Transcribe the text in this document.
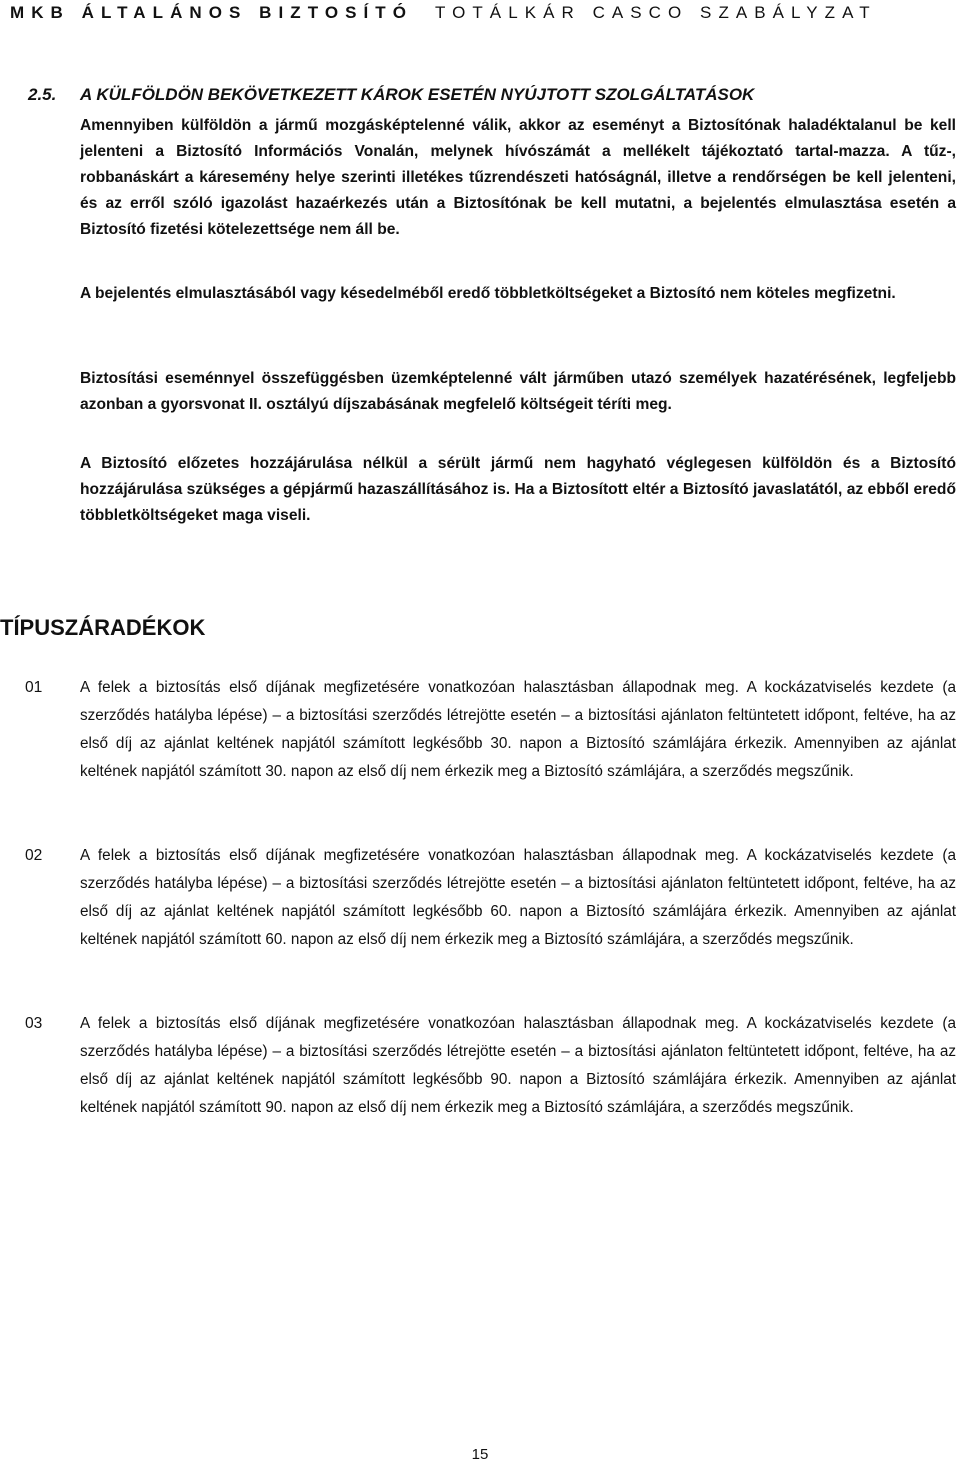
MKB ÁLTALÁNOS BIZTOSÍTÓ TOTÁLKÁR CASCO SZABÁLYZAT
2.5. A KÜLFÖLDÖN BEKÖVETKEZETT KÁROK ESETÉN NYÚJTOTT SZOLGÁLTATÁSOK
Amennyiben külföldön a jármű mozgásképtelenné válik, akkor az eseményt a Biztosítónak haladéktalanul be kell jelenteni a Biztosító Információs Vonalán, melynek hívószámát a mellékelt tájékoztató tartal-mazza. A tűz-, robbanáskárt a káresemény helye szerinti illetékes tűzrendészeti hatóságnál, illetve a rendőrségen be kell jelenteni, és az erről szóló igazolást hazaérkezés után a Biztosítónak be kell mutatni, a bejelentés elmulasztása esetén a Biztosító fizetési kötelezettsége nem áll be.
A bejelentés elmulasztásából vagy késedelméből eredő többletköltségeket a Biztosító nem köteles megfizetni.
Biztosítási eseménnyel összefüggésben üzemképtelenné vált járműben utazó személyek hazatérésének, legfeljebb azonban a gyorsvonat II. osztályú díjszabásának megfelelő költségeit téríti meg.
A Biztosító előzetes hozzájárulása nélkül a sérült jármű nem hagyható véglegesen külföldön és a Biztosító hozzájárulása szükséges a gépjármű hazaszállításához is. Ha a Biztosított eltér a Biztosító javaslatától, az ebből eredő többletköltségeket maga viseli.
TÍPUSZÁRADÉKOK
01 A felek a biztosítás első díjának megfizetésére vonatkozóan halasztásban állapodnak meg. A kockázatviselés kezdete (a szerződés hatályba lépése) – a biztosítási szerződés létrejötte esetén – a biztosítási ajánlaton feltüntetett időpont, feltéve, ha az első díj az ajánlat keltének napjától számított legkésőbb 30. napon a Biztosító számlájára érkezik. Amennyiben az ajánlat keltének napjától számított 30. napon az első díj nem érkezik meg a Biztosító számlájára, a szerződés megszűnik.
02 A felek a biztosítás első díjának megfizetésére vonatkozóan halasztásban állapodnak meg. A kockázatviselés kezdete (a szerződés hatályba lépése) – a biztosítási szerződés létrejötte esetén – a biztosítási ajánlaton feltüntetett időpont, feltéve, ha az első díj az ajánlat keltének napjától számított legkésőbb 60. napon a Biztosító számlájára érkezik. Amennyiben az ajánlat keltének napjától számított 60. napon az első díj nem érkezik meg a Biztosító számlájára, a szerződés megszűnik.
03 A felek a biztosítás első díjának megfizetésére vonatkozóan halasztásban állapodnak meg. A kockázatviselés kezdete (a szerződés hatályba lépése) – a biztosítási szerződés létrejötte esetén – a biztosítási ajánlaton feltüntetett időpont, feltéve, ha az első díj az ajánlat keltének napjától számított legkésőbb 90. napon a Biztosító számlájára érkezik. Amennyiben az ajánlat keltének napjától számított 90. napon az első díj nem érkezik meg a Biztosító számlájára, a szerződés megszűnik.
15
